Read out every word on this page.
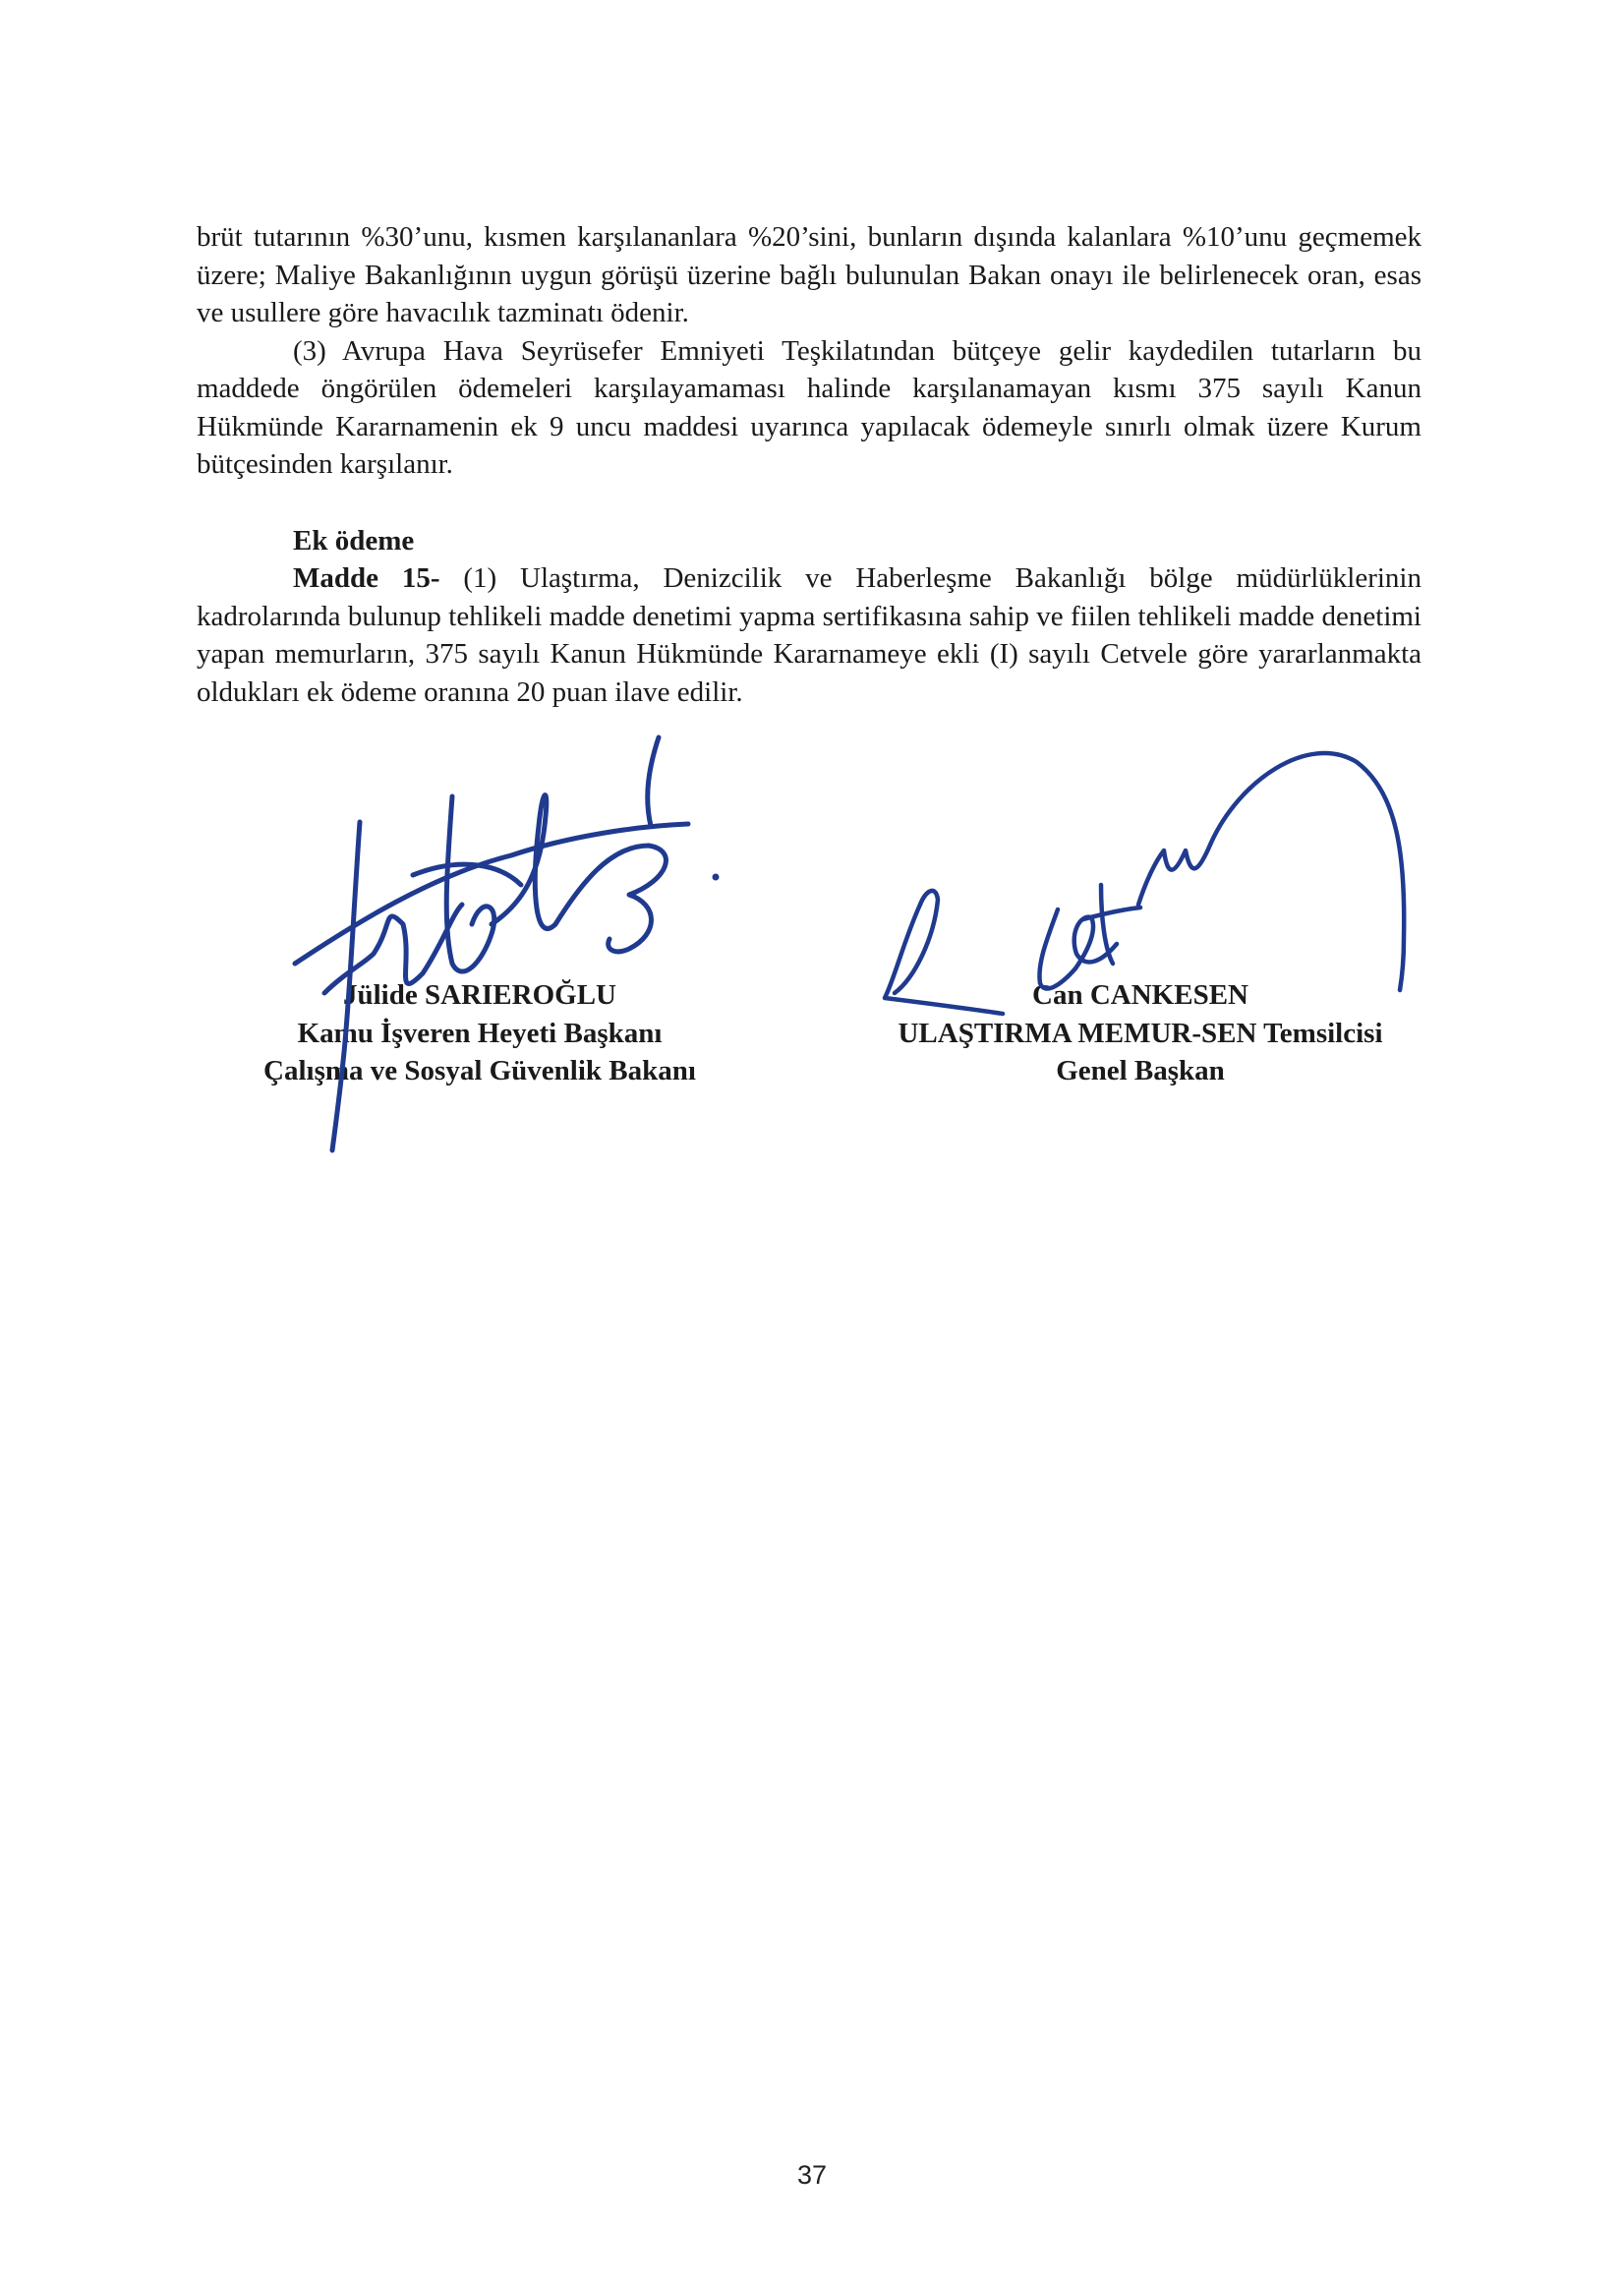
brüt tutarının %30’unu, kısmen karşılananlara %20’sini, bunların dışında kalanlara %10’unu geçmemek üzere; Maliye Bakanlığının uygun görüşü üzerine bağlı bulunulan Bakan onayı ile belirlenecek oran, esas ve usullere göre havacılık tazminatı ödenir.

(3) Avrupa Hava Seyrüsefer Emniyeti Teşkilatından bütçeye gelir kaydedilen tutarların bu maddede öngörülen ödemeleri karşılayamaması halinde karşılanamayan kısmı 375 sayılı Kanun Hükmünde Kararnamenin ek 9 uncu maddesi uyarınca yapılacak ödemeyle sınırlı olmak üzere Kurum bütçesinden karşılanır.

Ek ödeme

Madde 15- (1) Ulaştırma, Denizcilik ve Haberleşme Bakanlığı bölge müdürlüklerinin kadrolarında bulunup tehlikeli madde denetimi yapma sertifikasına sahip ve fiilen tehlikeli madde denetimi yapan memurların, 375 sayılı Kanun Hükmünde Kararnameye ekli (I) sayılı Cetvele göre yararlanmakta oldukları ek ödeme oranına 20 puan ilave edilir.

Jülide SARIEROĞLU

Kamu İşveren Heyeti Başkanı

Çalışma ve Sosyal Güvenlik Bakanı

Can CANKESEN

ULAŞTIRMA MEMUR-SEN Temsilcisi

Genel Başkan

37
